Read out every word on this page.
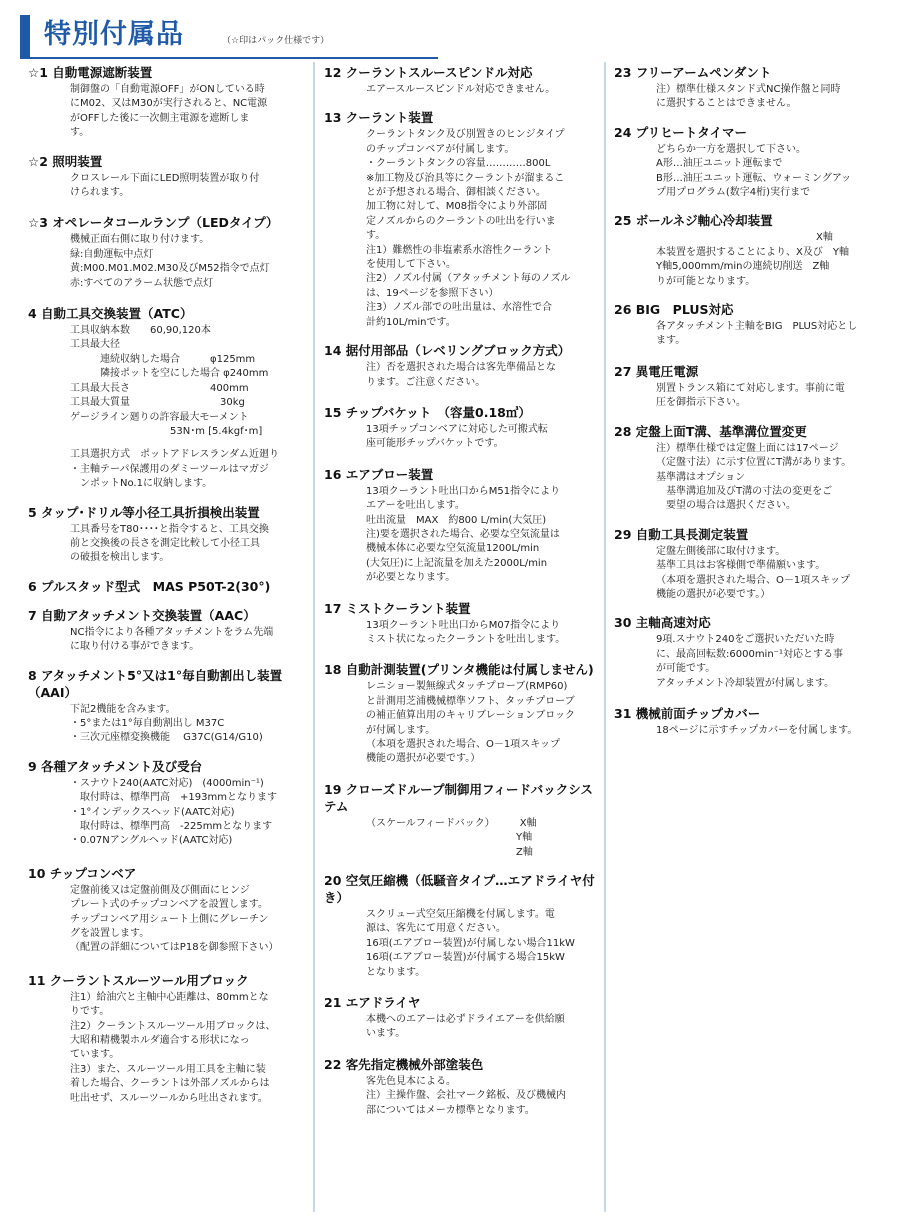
特別付属品	（☆印はパック仕様です）
☆1 自動電源遮断装置
制御盤の「自動電源OFF」がONしている時
にM02、又はM30が実行されると、NC電源
がOFFした後に一次側主電源を遮断しま
す。
☆2 照明装置
クロスレール下面にLED照明装置が取り付
けられます。
☆3 オペレータコールランプ（LEDタイプ）
機械正面右側に取り付けます。
緑:自動運転中点灯
黄:M00.M01.M02.M30及びM52指令で点灯
赤:すべてのアラーム状態で点灯
4 自動工具交換装置（ATC）
工具収納本数　　60,90,120本
工具最大径
　　　連続収納した場合　　　φ125mm
　　　隣接ポットを空にした場合 φ240mm
工具最大長さ　　　　　　　　400mm
工具最大質量　　　　　　　　　30kg
ゲージライン廻りの許容最大モーメント
　　　　　　　　　　53N･m [5.4kgf･m]
工具選択方式　ポットアドレスランダム近廻り
・主軸テーパ保護用のダミーツールはマガジ
　ンポットNo.1に収納します。
5 タップ･ドリル等小径工具折損検出装置
工具番号をT80････と指令すると、工具交換
前と交換後の長さを測定比較して小径工具
の破損を検出します。
6 プルスタッド型式　MAS P50T-2(30°)
7 自動アタッチメント交換装置（AAC）
NC指令により各種アタッチメントをラム先端
に取り付ける事ができます。
8 アタッチメント5°又は1°毎自動割出し装置（AAI）
下記2機能を含みます。
・5°または1°毎自動割出し M37C
・三次元座標変換機能　 G37C(G14/G10)
9 各種アタッチメント及び受台
・スナウト240(AATC対応)　(4000min⁻¹)
　取付時は、標準門高　+193mmとなります
・1°インデックスヘッド(AATC対応)
　取付時は、標準門高　-225mmとなります
・0.07Nアングルヘッド(AATC対応)
10 チップコンベア
定盤前後又は定盤前側及び側面にヒンジ
プレート式のチップコンベアを設置します。
チップコンベア用シュート上側にグレーチン
グを設置します。
（配置の詳細についてはP18を御参照下さい）
11 クーラントスルーツール用ブロック
注1）給油穴と主軸中心距離は、80mmとな
りです。
注2）クーラントスルーツール用ブロックは、
大昭和精機製ホルダ適合する形状になっ
ています。
注3）また、スルーツール用工具を主軸に装
着した場合、クーラントは外部ノズルからは
吐出せず、スルーツールから吐出されます。
12 クーラントスルースピンドル対応
エアースルースピンドル対応できません。
13 クーラント装置
クーラントタンク及び別置きのヒンジタイプ
のチップコンベアが付属します。
・クーラントタンクの容量…………800L
※加工物及び治具等にクーラントが溜まるこ
とが予想される場合、御相談ください。
加工物に対して、M08指令により外部固
定ノズルからのクーラントの吐出を行いま
す。
注1）難燃性の非塩素系水溶性クーラント
を使用して下さい。
注2）ノズル付属（アタッチメント毎のノズル
は、19ページを参照下さい）
注3）ノズル部での吐出量は、水溶性で合
計約10L/minです。
14 据付用部品（レベリングブロック方式）
注）否を選択された場合は客先準備品とな
ります。ご注意ください。
15 チップバケット　（容量0.18㎥）
13項チップコンベアに対応した可搬式転
座可能形チップバケットです。
16 エアブロー装置
13項クーラント吐出口からM51指令により
エアーを吐出します。
吐出流量　MAX　約800 L/min(大気圧)
注)要を選択された場合、必要な空気流量は
機械本体に必要な空気流量1200L/min
(大気圧)に上記流量を加えた2000L/min
が必要となります。
17 ミストクーラント装置
13項クーラント吐出口からM07指令により
ミスト状になったクーラントを吐出します。
18 自動計測装置(プリンタ機能は付属しません)
レニショー製無線式タッチプローブ(RMP60)
と計測用芝浦機械標準ソフト、タッチプローブ
の補正値算出用のキャリブレーションブロック
が付属します。
（本項を選択された場合、O－1項スキップ
機能の選択が必要です。）
19 クローズドループ制御用フィードバックシステム
（スケールフィードバック）　　　X軸
　　　　　　　　　　　　　　　Y軸
　　　　　　　　　　　　　　　Z軸
20 空気圧縮機（低騒音タイプ…エアドライヤ付き）
スクリュー式空気圧縮機を付属します。電
源は、客先にて用意ください。
16項(エアブロー装置)が付属しない場合11kW
16項(エアブロー装置)が付属する場合15kW
となります。
21 エアドライヤ
本機へのエアーは必ずドライエアーを供給願
います。
22 客先指定機械外部塗装色
客先色見本による。
注）主操作盤、会社マーク銘板、及び機械内
部についてはメーカ標準となります。
23 フリーアームペンダント
注）標準仕様スタンド式NC操作盤と同時
に選択することはできません。
24 プリヒートタイマー
どちらか一方を選択して下さい。
A形…油圧ユニット運転まで
B形…油圧ユニット運転、ウォーミングアッ
プ用プログラム(数字4桁)実行まで
25 ボールネジ軸心冷却装置
　　　　　　　　　　　　　　　　X軸
本装置を選択することにより、X及び　Y軸
Y軸5,000mm/minの連続切削送　Z軸
りが可能となります。
26 BIG　PLUS対応
各アタッチメント主軸をBIG　PLUS対応とし
ます。
27 異電圧電源
別置トランス箱にて対応します。事前に電
圧を御指示下さい。
28 定盤上面T溝、基準溝位置変更
注）標準仕様では定盤上面には17ページ
（定盤寸法）に示す位置にT溝があります。
基準溝はオプション
　基準溝追加及びT溝の寸法の変更をご
　要望の場合は選択ください。
29 自動工具長測定装置
定盤左側後部に取付けます。
基準工具はお客様側で準備願います。
（本項を選択された場合、O－1項スキップ
機能の選択が必要です。）
30 主軸高速対応
9項.スナウト240をご選択いただいた時
に、最高回転数:6000min⁻¹対応とする事
が可能です。
アタッチメント冷却装置が付属します。
31 機械前面チップカバー
18ページに示すチップカバーを付属します。
